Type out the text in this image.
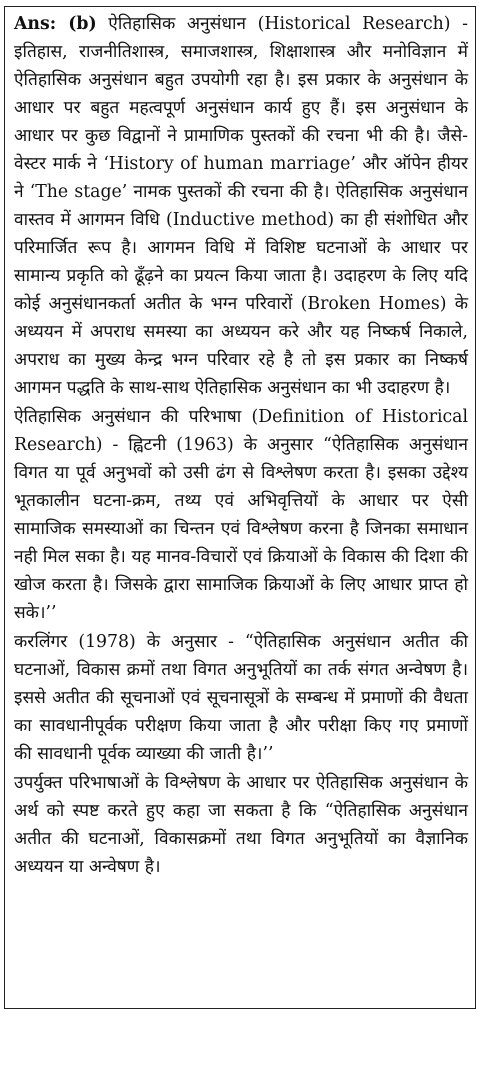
Ans: (b) ऐतिहासिक अनुसंधान (Historical Research) - इतिहास, राजनीतिशास्त्र, समाजशास्त्र, शिक्षाशास्त्र और मनोविज्ञान में ऐतिहासिक अनुसंधान बहुत उपयोगी रहा है। इस प्रकार के अनुसंधान के आधार पर बहुत महत्वपूर्ण अनुसंधान कार्य हुए हैं। इस अनुसंधान के आधार पर कुछ विद्वानों ने प्रामाणिक पुस्तकों की रचना भी की है। जैसे- वेस्टर मार्क ने ‘History of human marriage’ और ऑपेन हीयर ने ‘The stage’ नामक पुस्तकों की रचना की है। ऐतिहासिक अनुसंधान वास्तव में आगमन विधि (Inductive method) का ही संशोधित और परिमार्जित रूप है। आगमन विधि में विशिष्ट घटनाओं के आधार पर सामान्य प्रकृति को ढूँढ़ने का प्रयत्न किया जाता है। उदाहरण के लिए यदि कोई अनुसंधानकर्ता अतीत के भग्न परिवारों (Broken Homes) के अध्ययन में अपराध समस्या का अध्ययन करे और यह निष्कर्ष निकाले, अपराध का मुख्य केन्द्र भग्न परिवार रहे है तो इस प्रकार का निष्कर्ष आगमन पद्धति के साथ-साथ ऐतिहासिक अनुसंधान का भी उदाहरण है।

ऐतिहासिक अनुसंधान की परिभाषा (Definition of Historical Research) - ह्विटनी (1963) के अनुसार “ऐतिहासिक अनुसंधान विगत या पूर्व अनुभवों को उसी ढंग से विश्लेषण करता है। इसका उद्देश्य भूतकालीन घटना-क्रम, तथ्य एवं अभिवृत्तियों के आधार पर ऐसी सामाजिक समस्याओं का चिन्तन एवं विश्लेषण करना है जिनका समाधान नही मिल सका है। यह मानव-विचारों एवं क्रियाओं के विकास की दिशा की खोज करता है। जिसके द्वारा सामाजिक क्रियाओं के लिए आधार प्राप्त हो सके।’’

करलिंगर (1978) के अनुसार - “ऐतिहासिक अनुसंधान अतीत की घटनाओं, विकास क्रमों तथा विगत अनुभूतियों का तर्क संगत अन्वेषण है। इससे अतीत की सूचनाओं एवं सूचनासूत्रों के सम्बन्ध में प्रमाणों की वैधता का सावधानीपूर्वक परीक्षण किया जाता है और परीक्षा किए गए प्रमाणों की सावधानी पूर्वक व्याख्या की जाती है।’’

उपर्युक्त परिभाषाओं के विश्लेषण के आधार पर ऐतिहासिक अनुसंधान के अर्थ को स्पष्ट करते हुए कहा जा सकता है कि “ऐतिहासिक अनुसंधान अतीत की घटनाओं, विकासक्रमों तथा विगत अनुभूतियों का वैज्ञानिक अध्ययन या अन्वेषण है।
